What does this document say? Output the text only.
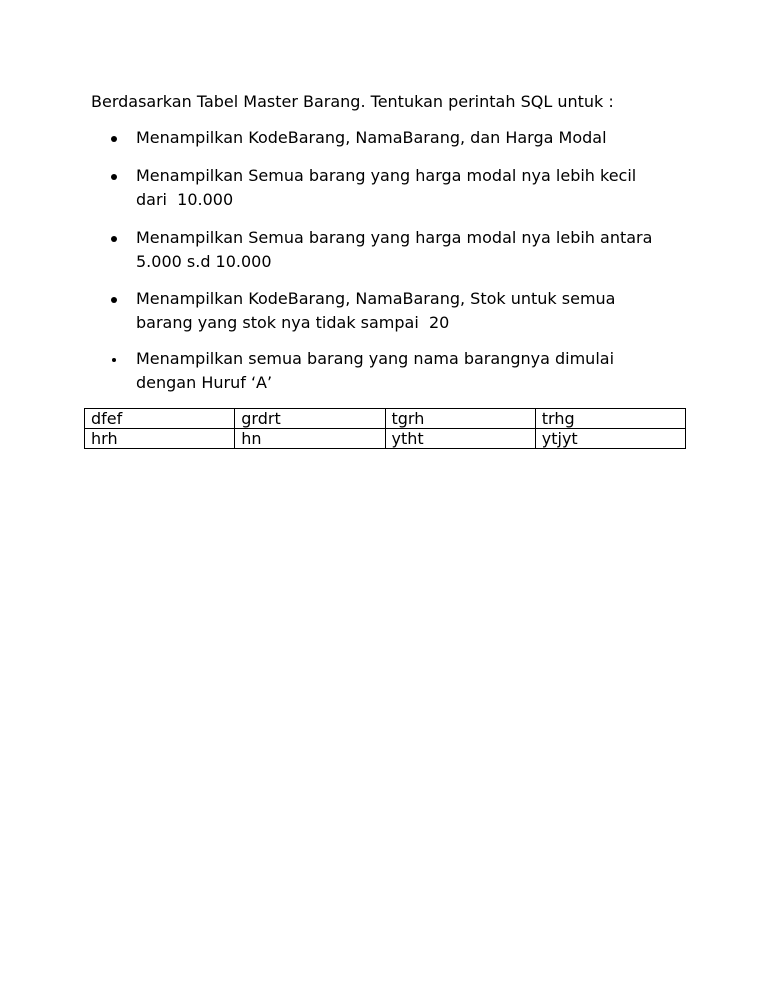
Berdasarkan Tabel Master Barang. Tentukan perintah SQL untuk :
Menampilkan KodeBarang, NamaBarang, dan Harga Modal
Menampilkan Semua barang yang harga modal nya lebih kecil dari  10.000
Menampilkan Semua barang yang harga modal nya lebih antara 5.000 s.d 10.000
Menampilkan KodeBarang, NamaBarang, Stok untuk semua barang yang stok nya tidak sampai  20
Menampilkan semua barang yang nama barangnya dimulai dengan Huruf ‘A’
dfef	grdrt	tgrh	trhg
hrh	hn	ytht	ytjyt
